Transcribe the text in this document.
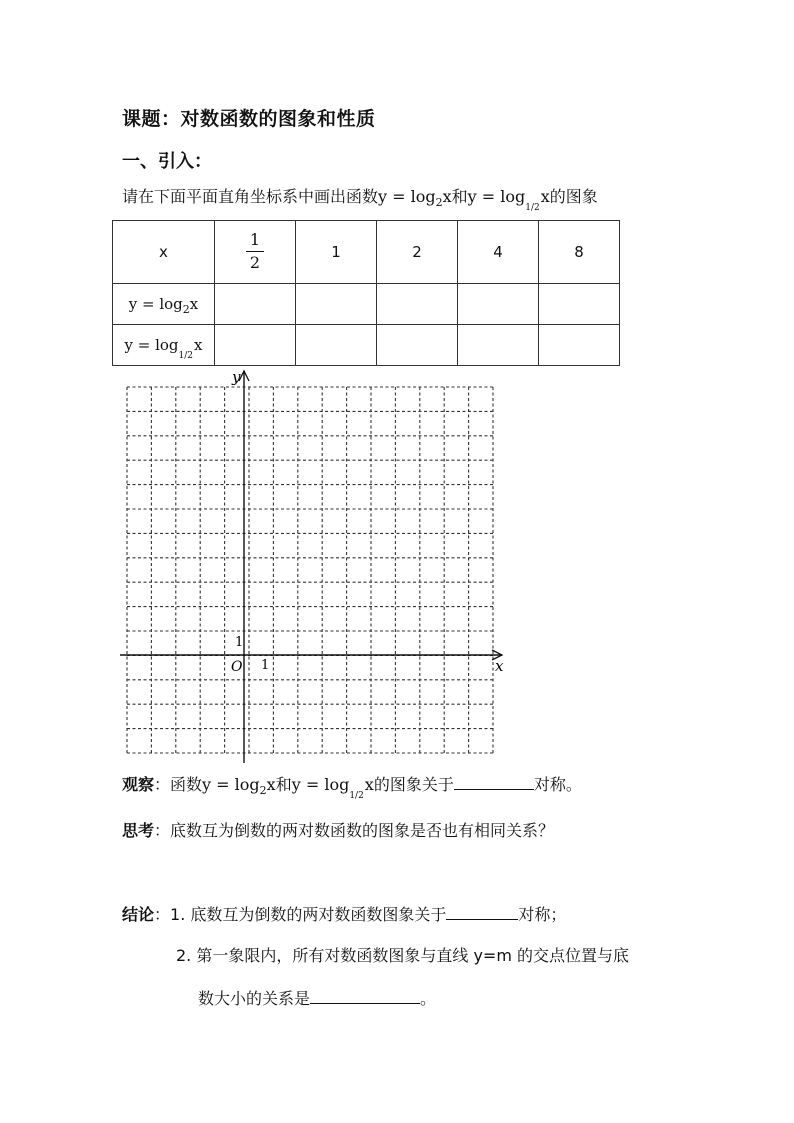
课题：对数函数的图象和性质
一、引入：
请在下面平面直角坐标系中画出函数$y = \log_2x$和$y = \log_{1/2}x$的图象
x	$\frac{1}{2}$	1	2	4	8
$y = \log_2x$					
$y = \log_{1/2}x$					
y
x
O 1
1
观察：函数$y = \log_2x$和$y = \log_{1/2}x$的图象关于	对称。
思考：底数互为倒数的两对数函数的图象是否也有相同关系？
结论：1. 底数互为倒数的两对数函数图象关于	对称；
2. 第一象限内，所有对数函数图象与直线 y=m 的交点位置与底
数大小的关系是	。
